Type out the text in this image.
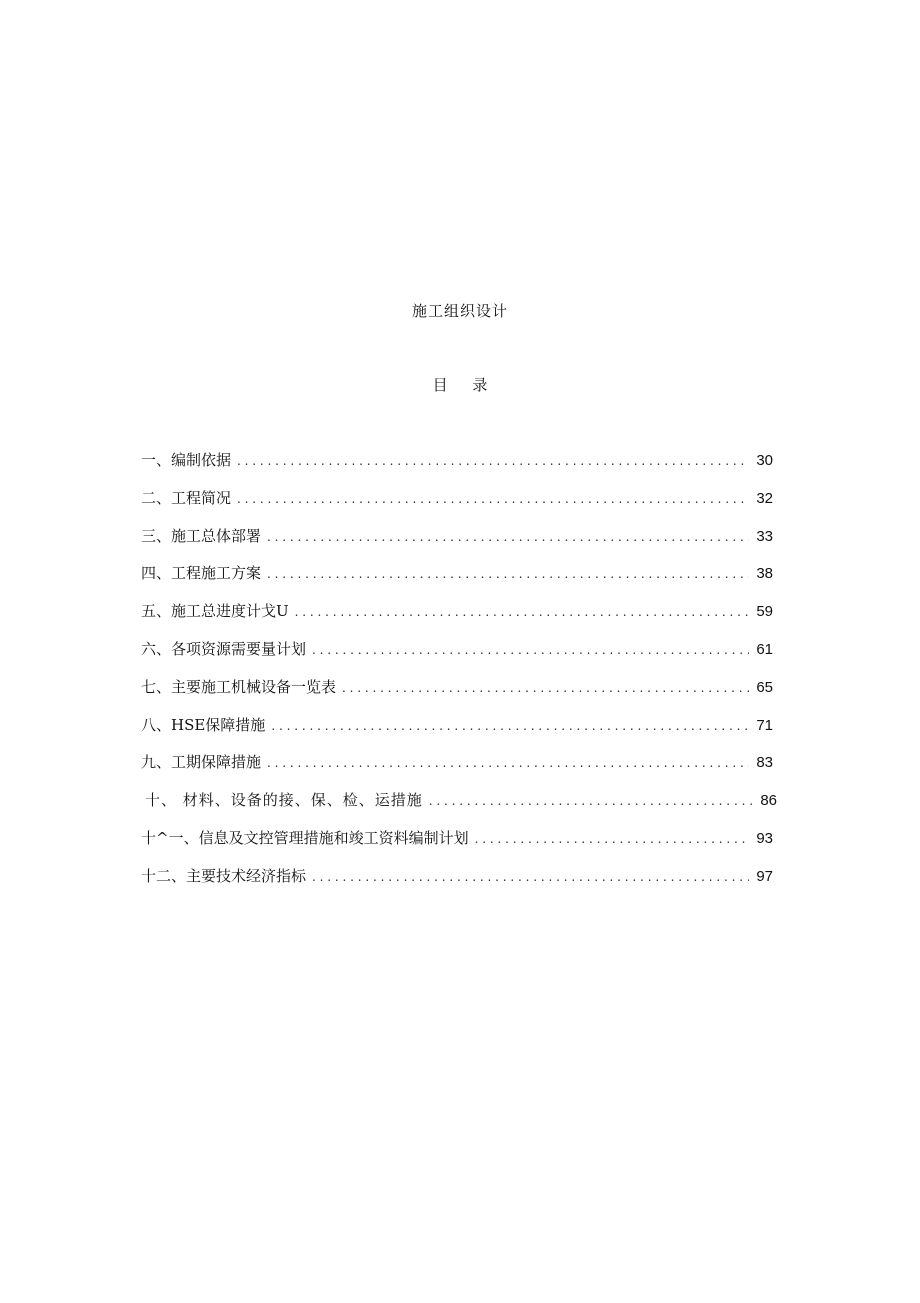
施工组织设计
目 录
一、编制依据 . . .	30
二、工程简况 . . .	32
三、施工总体部署 . . .	33
四、工程施工方案 . . .	38
五、施工总进度计戈U . . .	59
六、各项资源需要量计划 . . .	61
七、主要施工机械设备一览表 . . .	65
八、HSE保障措施 . . .	71
九、工期保障措施 . . .	83
十、 材料、设备的接、保、检、运措施 . . .	86
十^一、信息及文控管理措施和竣工资料编制计划 . . .	93
十二、主要技术经济指标 . . .	97
